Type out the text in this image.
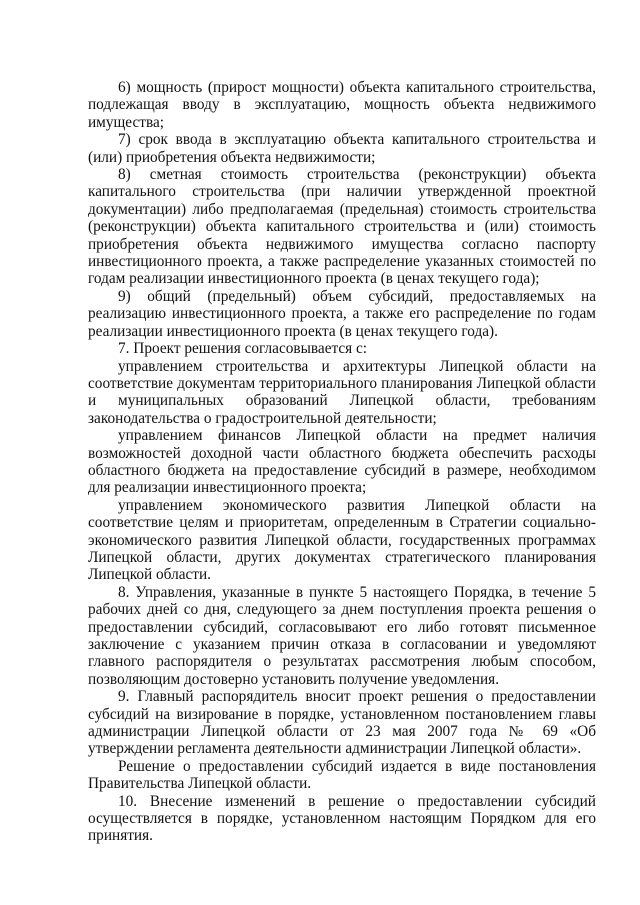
6) мощность (прирост мощности) объекта капитального строительства, подлежащая вводу в эксплуатацию, мощность объекта недвижимого имущества;

7) срок ввода в эксплуатацию объекта капитального строительства и (или) приобретения объекта недвижимости;

8) сметная стоимость строительства (реконструкции) объекта капитального строительства (при наличии утвержденной проектной документации) либо предполагаемая (предельная) стоимость строительства (реконструкции) объекта капитального строительства и (или) стоимость приобретения объекта недвижимого имущества согласно паспорту инвестиционного проекта, а также распределение указанных стоимостей по годам реализации инвестиционного проекта (в ценах текущего года);

9) общий (предельный) объем субсидий, предоставляемых на реализацию инвестиционного проекта, а также его распределение по годам реализации инвестиционного проекта (в ценах текущего года).

7. Проект решения согласовывается с:

управлением строительства и архитектуры Липецкой области на соответствие документам территориального планирования Липецкой области и муниципальных образований Липецкой области, требованиям законодательства о градостроительной деятельности;

управлением финансов Липецкой области на предмет наличия возможностей доходной части областного бюджета обеспечить расходы областного бюджета на предоставление субсидий в размере, необходимом для реализации инвестиционного проекта;

управлением экономического развития Липецкой области на соответствие целям и приоритетам, определенным в Стратегии социально-экономического развития Липецкой области, государственных программах Липецкой области, других документах стратегического планирования Липецкой области.

8. Управления, указанные в пункте 5 настоящего Порядка, в течение 5 рабочих дней со дня, следующего за днем поступления проекта решения о предоставлении субсидий, согласовывают его либо готовят письменное заключение с указанием причин отказа в согласовании и уведомляют главного распорядителя о результатах рассмотрения любым способом, позволяющим достоверно установить получение уведомления.

9. Главный распорядитель вносит проект решения о предоставлении субсидий на визирование в порядке, установленном постановлением главы администрации Липецкой области от 23 мая 2007 года № 69 «Об утверждении регламента деятельности администрации Липецкой области».

Решение о предоставлении субсидий издается в виде постановления Правительства Липецкой области.

10. Внесение изменений в решение о предоставлении субсидий осуществляется в порядке, установленном настоящим Порядком для его принятия.
